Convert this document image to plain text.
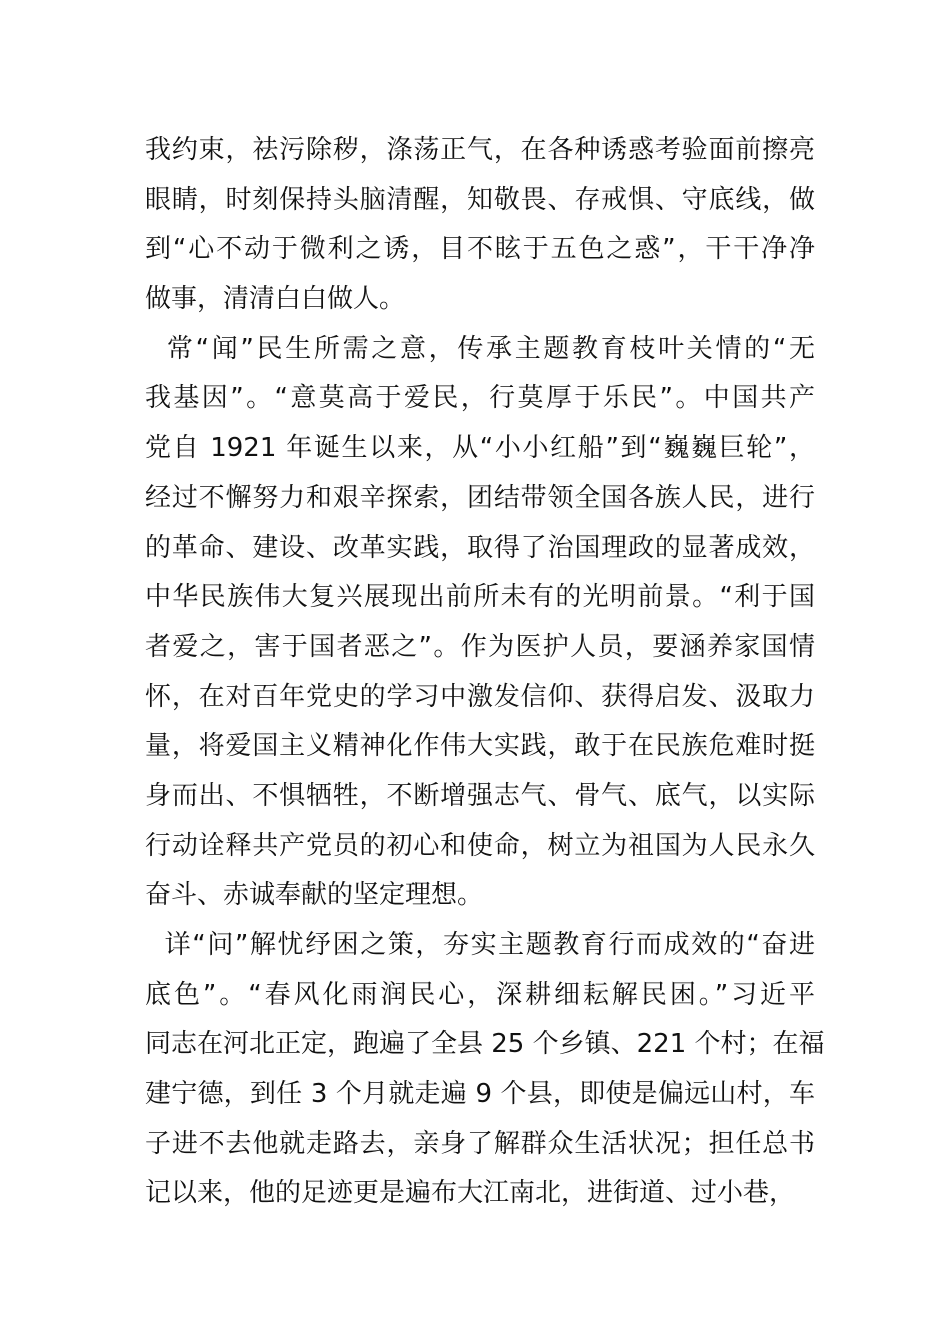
我约束，祛污除秽，涤荡正气，在各种诱惑考验面前擦亮
眼睛，时刻保持头脑清醒，知敬畏、存戒惧、守底线，做
到“心不动于微利之诱，目不眩于五色之惑”，干干净净
做事，清清白白做人。
常“闻”民生所需之意，传承主题教育枝叶关情的“无
我基因”。“意莫高于爱民，行莫厚于乐民”。中国共产
党自 1921 年诞生以来，从“小小红船”到“巍巍巨轮”，
经过不懈努力和艰辛探索，团结带领全国各族人民，进行
的革命、建设、改革实践，取得了治国理政的显著成效，
中华民族伟大复兴展现出前所未有的光明前景。“利于国
者爱之，害于国者恶之”。作为医护人员，要涵养家国情
怀，在对百年党史的学习中激发信仰、获得启发、汲取力
量，将爱国主义精神化作伟大实践，敢于在民族危难时挺
身而出、不惧牺牲，不断增强志气、骨气、底气，以实际
行动诠释共产党员的初心和使命，树立为祖国为人民永久
奋斗、赤诚奉献的坚定理想。
详“问”解忧纾困之策，夯实主题教育行而成效的“奋进
底色”。“春风化雨润民心，深耕细耘解民困。”习近平
同志在河北正定，跑遍了全县 25 个乡镇、221 个村；在福
建宁德，到任 3 个月就走遍 9 个县，即使是偏远山村，车
子进不去他就走路去，亲身了解群众生活状况；担任总书
记以来，他的足迹更是遍布大江南北，进街道、过小巷，
